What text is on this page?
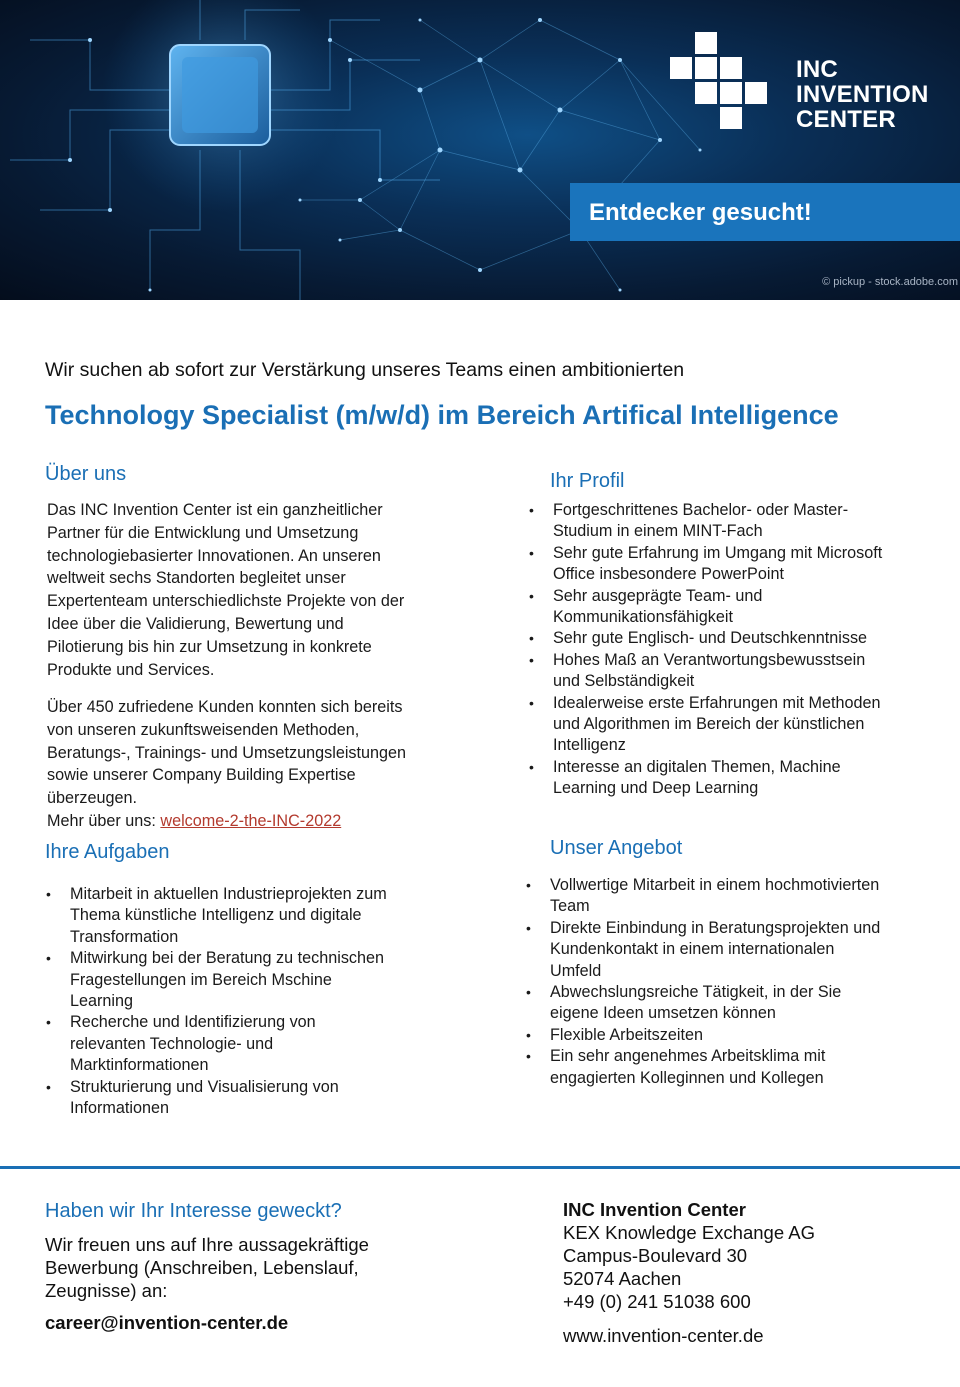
INC
INVENTION
CENTER
Entdecker gesucht!
© pickup - stock.adobe.com
Wir suchen ab sofort zur Verstärkung unseres Teams einen ambitionierten
Technology Specialist (m/w/d) im Bereich Artifical Intelligence
Über uns
Das INC Invention Center ist ein ganzheitlicher
Partner für die Entwicklung und Umsetzung
technologiebasierter Innovationen. An unseren
weltweit sechs Standorten begleitet unser
Expertenteam unterschiedlichste Projekte von der
Idee über die Validierung, Bewertung und
Pilotierung bis hin zur Umsetzung in konkrete
Produkte und Services.
Über 450 zufriedene Kunden konnten sich bereits
von unseren zukunftsweisenden Methoden,
Beratungs-, Trainings- und Umsetzungsleistungen
sowie unserer Company Building Expertise
überzeugen.
Mehr über uns: welcome-2-the-INC-2022
Ihre Aufgaben
• Mitarbeit in aktuellen Industrieprojekten zum
Thema künstliche Intelligenz und digitale
Transformation
• Mitwirkung bei der Beratung zu technischen
Fragestellungen im Bereich Mschine
Learning
• Recherche und Identifizierung von
relevanten Technologie- und
Marktinformationen
• Strukturierung und Visualisierung von
Informationen
Ihr Profil
• Fortgeschrittenes Bachelor- oder Master-
Studium in einem MINT-Fach
• Sehr gute Erfahrung im Umgang mit Microsoft
Office insbesondere PowerPoint
• Sehr ausgeprägte Team- und
Kommunikationsfähigkeit
• Sehr gute Englisch- und Deutschkenntnisse
• Hohes Maß an Verantwortungsbewusstsein
und Selbständigkeit
• Idealerweise erste Erfahrungen mit Methoden
und Algorithmen im Bereich der künstlichen
Intelligenz
• Interesse an digitalen Themen, Machine
Learning und Deep Learning
Unser Angebot
• Vollwertige Mitarbeit in einem hochmotivierten
Team
• Direkte Einbindung in Beratungsprojekten und
Kundenkontakt in einem internationalen
Umfeld
• Abwechslungsreiche Tätigkeit, in der Sie
eigene Ideen umsetzen können
• Flexible Arbeitszeiten
• Ein sehr angenehmes Arbeitsklima mit
engagierten Kolleginnen und Kollegen
Haben wir Ihr Interesse geweckt?
Wir freuen uns auf Ihre aussagekräftige
Bewerbung (Anschreiben, Lebenslauf,
Zeugnisse) an:
career@invention-center.de
INC Invention Center
KEX Knowledge Exchange AG
Campus-Boulevard 30
52074 Aachen
+49 (0) 241 51038 600
www.invention-center.de
